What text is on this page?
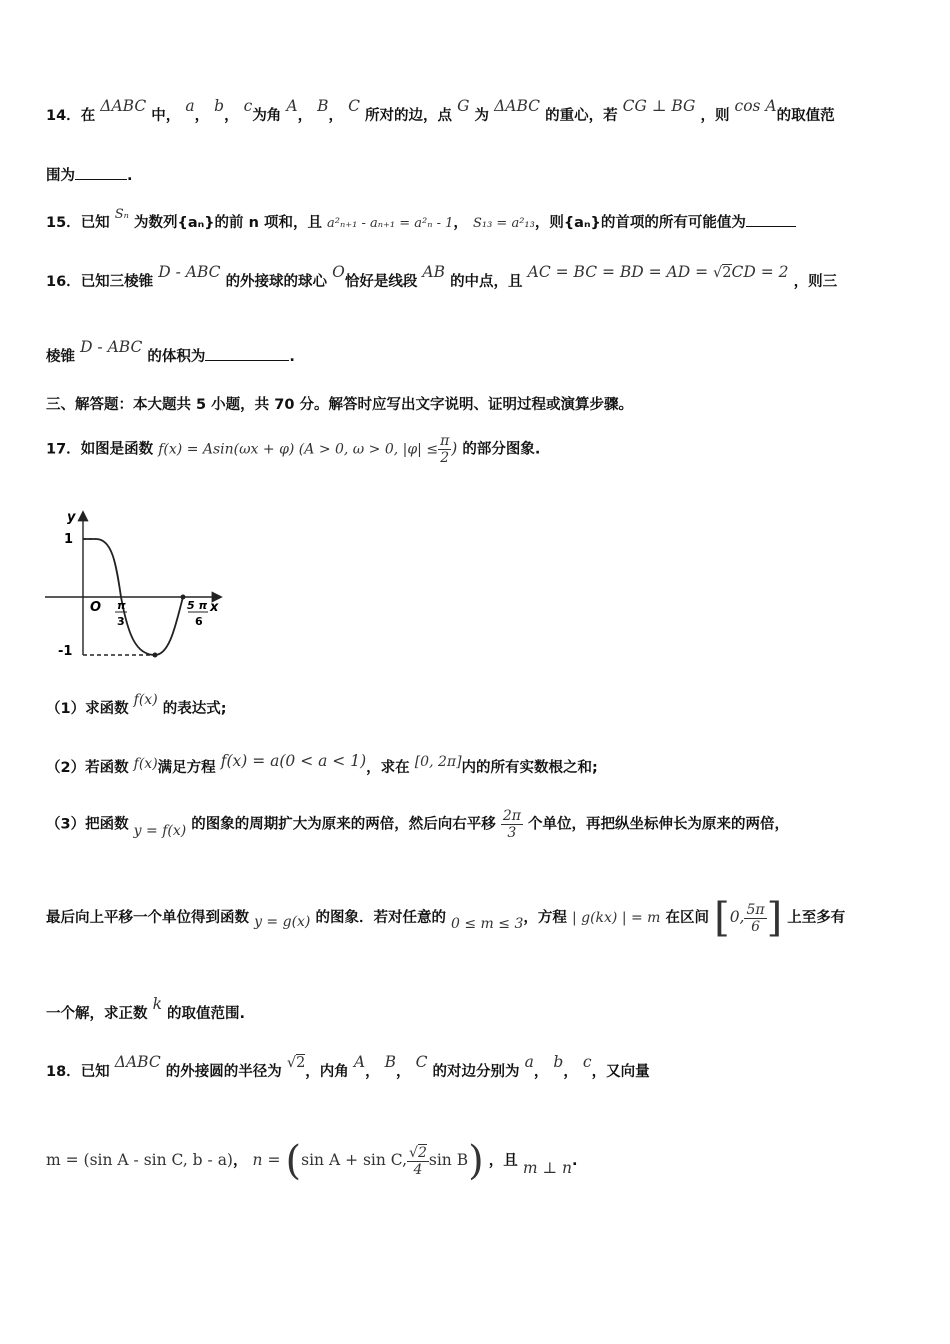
14．在 ΔABC 中， a， b， c为角 A， B， C 所对的边，点 G 为 ΔABC 的重心，若 CG ⊥ BG ，则 cos A的取值范
围为	.
15．已知 Sₙ 为数列{aₙ}的前 n 项和，且 a²ₙ₊₁ - aₙ₊₁ = a²ₙ - 1， S₁₃ = a²₁₃，则{aₙ}的首项的所有可能值为
16．已知三棱锥 D - ABC 的外接球的球心 O恰好是线段 AB 的中点，且 AC = BC = BD = AD = √2CD = 2 ，则三
棱锥 D - ABC 的体积为	.
三、解答题：本大题共 5 小题，共 70 分。解答时应写出文字说明、证明过程或演算步骤。
17．如图是函数 f(x) = Asin(ωx + φ) (A > 0, ω > 0, $|\varphi| \le \frac{\pi}{2}$ ) 的部分图象.
y
x
1
-1
O π
3
5 π
6
（1）求函数 f(x) 的表达式;
（2）若函数 f(x)满足方程 f(x) = a(0 < a < 1)，求在 [0, 2π]内的所有实数根之和;
（3）把函数 y = f(x) 的图象的周期扩大为原来的两倍，然后向右平移 $\frac{2\pi}{3}$ 个单位，再把纵坐标伸长为原来的两倍，
最后向上平移一个单位得到函数 y = g(x) 的图象．若对任意的 0 ≤ m ≤ 3，方程 | g(kx) | = m 在区间 [0, $\frac{5\pi}{6}$ ] 上至多有
一个解，求正数 k 的取值范围.
18．已知 ΔABC 的外接圆的半径为 √2，内角 A， B， C 的对边分别为 a， b， c，又向量
m = (sin A - sin C, b - a)， n = (sin A + sin C, $\frac{√2}{4}$ sin B) ，且 m ⊥ n.
